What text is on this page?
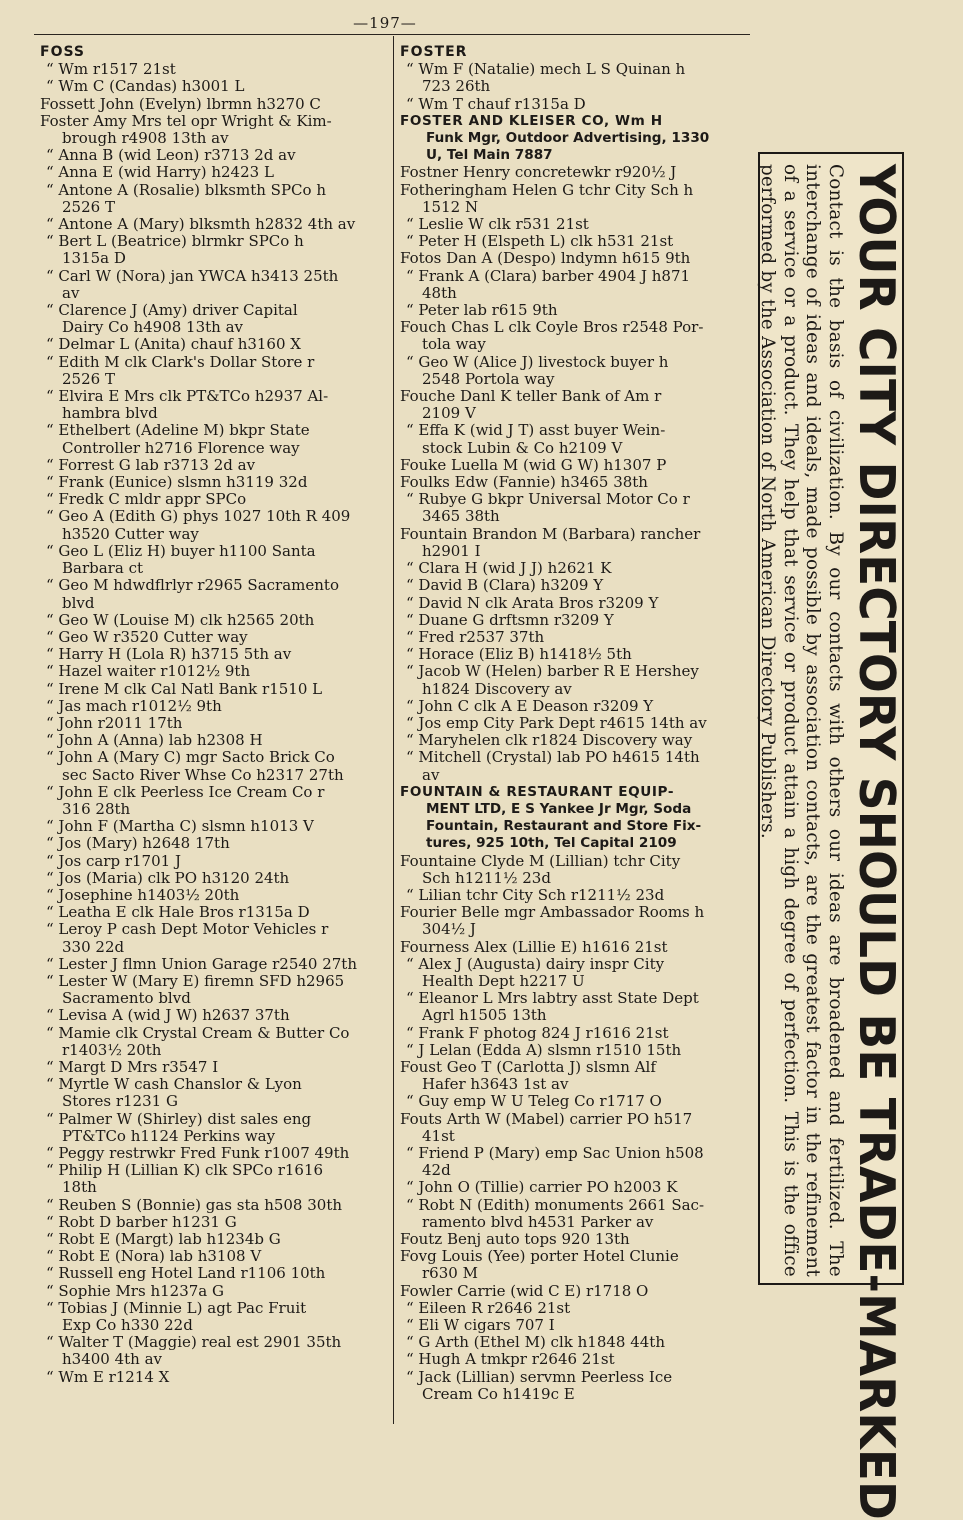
—197—
FOSS
“ Wm r1517 21st
“ Wm C (Candas) h3001 L
Fossett John (Evelyn) lbrmn h3270 C
Foster Amy Mrs tel opr Wright & Kim-
brough r4908 13th av
“ Anna B (wid Leon) r3713 2d av
“ Anna E (wid Harry) h2423 L
“ Antone A (Rosalie) blksmth SPCo h
2526 T
“ Antone A (Mary) blksmth h2832 4th av
“ Bert L (Beatrice) blrmkr SPCo h
1315a D
“ Carl W (Nora) jan YWCA h3413 25th
av
“ Clarence J (Amy) driver Capital
Dairy Co h4908 13th av
“ Delmar L (Anita) chauf h3160 X
“ Edith M clk Clark's Dollar Store r
2526 T
“ Elvira E Mrs clk PT&TCo h2937 Al-
hambra blvd
“ Ethelbert (Adeline M) bkpr State
Controller h2716 Florence way
“ Forrest G lab r3713 2d av
“ Frank (Eunice) slsmn h3119 32d
“ Fredk C mldr appr SPCo
“ Geo A (Edith G) phys 1027 10th R 409
h3520 Cutter way
“ Geo L (Eliz H) buyer h1100 Santa
Barbara ct
“ Geo M hdwdflrlyr r2965 Sacramento
blvd
“ Geo W (Louise M) clk h2565 20th
“ Geo W r3520 Cutter way
“ Harry H (Lola R) h3715 5th av
“ Hazel waiter r1012½ 9th
“ Irene M clk Cal Natl Bank r1510 L
“ Jas mach r1012½ 9th
“ John r2011 17th
“ John A (Anna) lab h2308 H
“ John A (Mary C) mgr Sacto Brick Co
sec Sacto River Whse Co h2317 27th
“ John E clk Peerless Ice Cream Co r
316 28th
“ John F (Martha C) slsmn h1013 V
“ Jos (Mary) h2648 17th
“ Jos carp r1701 J
“ Jos (Maria) clk PO h3120 24th
“ Josephine h1403½ 20th
“ Leatha E clk Hale Bros r1315a D
“ Leroy P cash Dept Motor Vehicles r
330 22d
“ Lester J flmn Union Garage r2540 27th
“ Lester W (Mary E) firemn SFD h2965
Sacramento blvd
“ Levisa A (wid J W) h2637 37th
“ Mamie clk Crystal Cream & Butter Co
r1403½ 20th
“ Margt D Mrs r3547 I
“ Myrtle W cash Chanslor & Lyon
Stores r1231 G
“ Palmer W (Shirley) dist sales eng
PT&TCo h1124 Perkins way
“ Peggy restrwkr Fred Funk r1007 49th
“ Philip H (Lillian K) clk SPCo r1616
18th
“ Reuben S (Bonnie) gas sta h508 30th
“ Robt D barber h1231 G
“ Robt E (Margt) lab h1234b G
“ Robt E (Nora) lab h3108 V
“ Russell eng Hotel Land r1106 10th
“ Sophie Mrs h1237a G
“ Tobias J (Minnie L) agt Pac Fruit
Exp Co h330 22d
“ Walter T (Maggie) real est 2901 35th
h3400 4th av
“ Wm E r1214 X
FOSTER
“ Wm F (Natalie) mech L S Quinan h
723 26th
“ Wm T chauf r1315a D
FOSTER AND KLEISER CO, Wm H
Funk Mgr, Outdoor Advertising, 1330
U, Tel Main 7887
Fostner Henry concretewkr r920½ J
Fotheringham Helen G tchr City Sch h
1512 N
“ Leslie W clk r531 21st
“ Peter H (Elspeth L) clk h531 21st
Fotos Dan A (Despo) lndymn h615 9th
“ Frank A (Clara) barber 4904 J h871
48th
“ Peter lab r615 9th
Fouch Chas L clk Coyle Bros r2548 Por-
tola way
“ Geo W (Alice J) livestock buyer h
2548 Portola way
Fouche Danl K teller Bank of Am r
2109 V
“ Effa K (wid J T) asst buyer Wein-
stock Lubin & Co h2109 V
Fouke Luella M (wid G W) h1307 P
Foulks Edw (Fannie) h3465 38th
“ Rubye G bkpr Universal Motor Co r
3465 38th
Fountain Brandon M (Barbara) rancher
h2901 I
“ Clara H (wid J J) h2621 K
“ David B (Clara) h3209 Y
“ David N clk Arata Bros r3209 Y
“ Duane G drftsmn r3209 Y
“ Fred r2537 37th
“ Horace (Eliz B) h1418½ 5th
“ Jacob W (Helen) barber R E Hershey
h1824 Discovery av
“ John C clk A E Deason r3209 Y
“ Jos emp City Park Dept r4615 14th av
“ Maryhelen clk r1824 Discovery way
“ Mitchell (Crystal) lab PO h4615 14th
av
FOUNTAIN & RESTAURANT EQUIP-
MENT LTD, E S Yankee Jr Mgr, Soda
Fountain, Restaurant and Store Fix-
tures, 925 10th, Tel Capital 2109
Fountaine Clyde M (Lillian) tchr City
Sch h1211½ 23d
“ Lilian tchr City Sch r1211½ 23d
Fourier Belle mgr Ambassador Rooms h
304½ J
Fourness Alex (Lillie E) h1616 21st
“ Alex J (Augusta) dairy inspr City
Health Dept h2217 U
“ Eleanor L Mrs labtry asst State Dept
Agrl h1505 13th
“ Frank F photog 824 J r1616 21st
“ J Lelan (Edda A) slsmn r1510 15th
Foust Geo T (Carlotta J) slsmn Alf
Hafer h3643 1st av
“ Guy emp W U Teleg Co r1717 O
Fouts Arth W (Mabel) carrier PO h517
41st
“ Friend P (Mary) emp Sac Union h508
42d
“ John O (Tillie) carrier PO h2003 K
“ Robt N (Edith) monuments 2661 Sac-
ramento blvd h4531 Parker av
Foutz Benj auto tops 920 13th
Fovg Louis (Yee) porter Hotel Clunie
r630 M
Fowler Carrie (wid C E) r1718 O
“ Eileen R r2646 21st
“ Eli W cigars 707 I
“ G Arth (Ethel M) clk h1848 44th
“ Hugh A tmkpr r2646 21st
“ Jack (Lillian) servmn Peerless Ice
Cream Co h1419c E	YOUR CITY DIRECTORY SHOULD BE TRADE-MARKED
Contact is the basis of civilization. By our contacts with others our ideas are broadened and fertilized. The
interchange of ideas and ideals, made possible by association contacts, are the greatest factor in the refinement
of a service or a product. They help that service or product attain a high degree of perfection. This is the office
performed by the Association of North American Directory Publishers.
